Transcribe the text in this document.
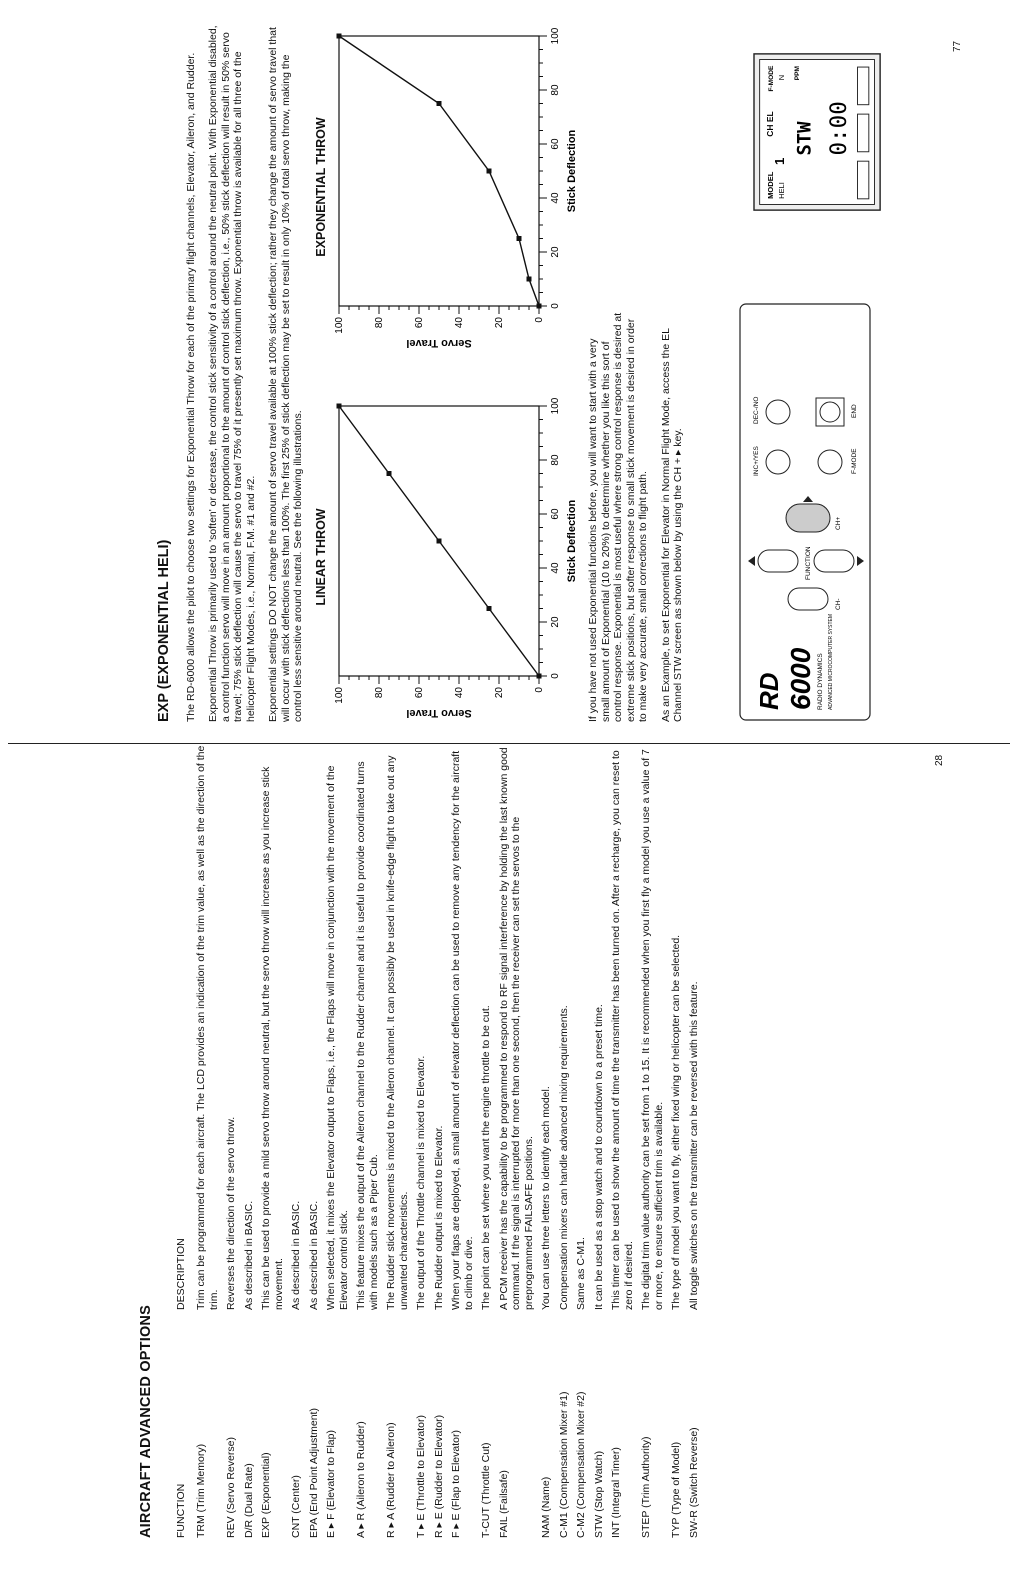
EXP (EXPONENTIAL HELI) The RD-6000 allows the pilot to choose two settings for Exponential Throw for each of the primary flight channels, Elevator, Aileron, and Rudder. Exponential Throw is primarily used to 'soften' or decrease, the control stick sensitivity of a control around the neutral point. With Exponential disabled, a control function servo will move in an amount proportional to the amount of control stick deflection, i.e., 50% stick deflection will result in 50% servo travel; 75% stick deflection will cause the servo to travel 75% of it presently set maximum throw. Exponential throw is available for all three of the helicopter Flight Modes, i.e., Normal, F.M. #1 and #2. Exponential settings DO NOT change the amount of servo travel available at 100% stick deflection; rather they change the amount of servo travel that will occur with stick deflections less than 100%. The first 25% of stick deflection may be set to result in only 10% of total servo throw, making the control less sensitive around neutral. See the following illustrations. LINEAR THROW
0
20
40
60
80
100
0
20
40
60
80
100
Stick Deflection
Servo Travel
EXPONENTIAL THROW
0
20
40
60
80
100
0
20
40
60
80
100
Stick Deflection
Servo Travel	If you have not used Exponential functions before, you will want to start with a very small amount of Exponential (10 to 20%) to determine whether you like this sort of control response. Exponential is most useful where strong control response is desired at extreme stick positions, but softer response to small stick movement is desired in order to make very accurate, small corrections to flight path. As an Example, to set Exponential for Elevator in Normal Flight Mode, access the EL Channel STW screen as shown below by using the CH + ▸ key.	RD 6000 RADIO DYNAMICS ADVANCED MICROCOMPUTER SYSTEM
CH-
FUNCTION
CH+
INC+/YES
DEC-/NO
F-MODE
END
MODEL HELI
1
CH EL
F-MODE N PPM
STW 0:00
77
AIRCRAFT ADVANCED OPTIONS FUNCTION
DESCRIPTION
TRM (Trim Memory)
Trim can be programmed for each aircraft. The LCD provides an indication of the trim value, as well as the direction of the trim.
REV (Servo Reverse)
Reverses the direction of the servo throw.
D/R (Dual Rate)
As described in BASIC.
EXP (Exponential)
This can be used to provide a mild servo throw around neutral, but the servo throw will increase as you increase stick movement.
CNT (Center)
As described in BASIC.
EPA (End Point Adjustment)
As described in BASIC.
E ▸ F (Elevator to Flap)
When selected, it mixes the Elevator output to Flaps, i.e., the Flaps will move in conjunction with the movement of the Elevator control stick.
A ▸ R (Aileron to Rudder)
This feature mixes the output of the Aileron channel to the Rudder channel and it is useful to provide coordinated turns with models such as a Piper Cub.
R ▸ A (Rudder to Aileron)
The Rudder stick movements is mixed to the Aileron channel. It can possibly be used in knife-edge flight to take out any unwanted characteristics.
T ▸ E (Throttle to Elevator)
The output of the Throttle channel is mixed to Elevator.
R ▸ E (Rudder to Elevator)
The Rudder output is mixed to Elevator.
F ▸ E (Flap to Elevator)
When your flaps are deployed, a small amount of elevator deflection can be used to remove any tendency for the aircraft to climb or dive.
T-CUT (Throttle Cut)
The point can be set where you want the engine throttle to be cut.
FAIL (Failsafe)
A PCM receiver has the capability to be programmed to respond to RF signal interference by holding the last known good command. If the signal is interrupted for more than one second, then the receiver can set the servos to the preprogrammed FAILSAFE positions.
NAM (Name)
You can use three letters to identify each model.
C-M1 (Compensation Mixer #1)
Compensation mixers can handle advanced mixing requirements.
C-M2 (Compensation Mixer #2)
Same as C-M1.
STW (Stop Watch)
It can be used as a stop watch and to countdown to a preset time.
INT (Integral Timer)
This timer can be used to show the amount of time the transmitter has been turned on. After a recharge, you can reset to zero if desired.
STEP (Trim Authority)
The digital trim value authority can be set from 1 to 15. It is recommended when you first fly a model you use a value of 7 or more, to ensure sufficient trim is available.
TYP (Type of Model)
The type of model you want to fly, either fixed wing or helicopter can be selected.
SW-R (Switch Reverse)
All toggle switches on the transmitter can be reversed with this feature.
28
